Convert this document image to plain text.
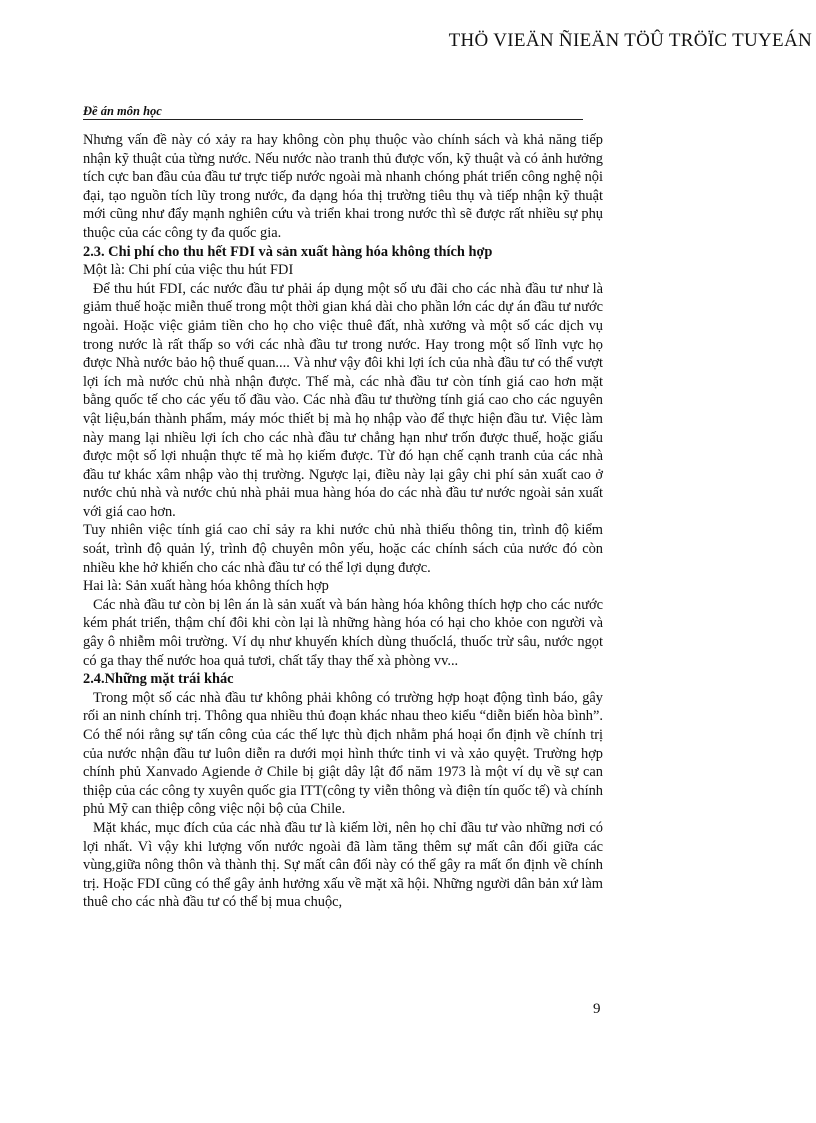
THÖ VIEÄN ÑIEÄN TÖÛ TRÖÏC TUYEÁN
Đề án môn học

Nhưng vấn đề này có xảy ra hay không còn phụ thuộc vào chính sách và khả năng tiếp nhận kỹ thuật của từng nước. Nếu nước nào tranh thủ được vốn, kỹ thuật và có ảnh hưởng tích cực ban đầu của đầu tư trực tiếp nước ngoài mà nhanh chóng phát triển công nghệ nội đại, tạo nguồn tích lũy trong nước, đa dạng hóa thị trường tiêu thụ và tiếp nhận kỹ thuật mới cũng như đẩy mạnh nghiên cứu và triển khai trong nước thì sẽ được rất nhiều sự phụ thuộc của các công ty đa quốc gia.

2.3. Chi phí cho thu hết FDI và sản xuất hàng hóa không thích hợp

Một là: Chi phí của việc thu hút FDI

Để thu hút FDI, các nước đầu tư phải áp dụng một số ưu đãi cho các nhà đầu tư như là giảm thuế hoặc miễn thuế trong một thời gian khá dài cho phần lớn các dự án đầu tư nước ngoài. Hoặc việc giảm tiền cho họ cho việc thuê đất, nhà xưởng và một số các dịch vụ trong nước là rất thấp so với các nhà đầu tư trong nước. Hay trong một số lĩnh vực họ được Nhà nước bảo hộ thuế quan.... Và như vậy đôi khi lợi ích của nhà đầu tư có thể vượt lợi ích mà nước chủ nhà nhận được. Thế mà, các nhà đầu tư còn tính giá cao hơn mặt bằng quốc tế cho các yếu tố đầu vào. Các nhà đầu tư thường tính giá cao cho các nguyên vật liệu,bán thành phẩm, máy móc thiết bị mà họ nhập vào để thực hiện đầu tư. Việc làm này mang lại nhiều lợi ích cho các nhà đầu tư chẳng hạn như trốn được thuế, hoặc giấu được một số lợi nhuận thực tế mà họ kiếm được. Từ đó hạn chế cạnh tranh của các nhà đầu tư khác xâm nhập vào thị trường. Ngược lại, điều này lại gây chi phí sản xuất cao ở nước chủ nhà và nước chủ nhà phải mua hàng hóa do các nhà đầu tư nước ngoài sản xuất với giá cao hơn.

Tuy nhiên việc tính giá cao chỉ sảy ra khi nước chủ nhà thiếu thông tin, trình độ kiểm soát, trình độ quản lý, trình độ chuyên môn yếu, hoặc các chính sách của nước đó còn nhiều khe hở khiến cho các nhà đầu tư có thể lợi dụng được.

Hai là: Sản xuất hàng hóa không thích hợp

Các nhà đầu tư còn bị lên án là sản xuất và bán hàng hóa không thích hợp cho các nước kém phát triển, thậm chí đôi khi còn lại là những hàng hóa có hại cho khỏe con người và gây ô nhiễm môi trường. Ví dụ như khuyến khích dùng thuốclá, thuốc trừ sâu, nước ngọt có ga thay thế nước hoa quả tươi, chất tẩy thay thế xà phòng vv...

2.4.Những mặt trái khác

Trong một số các nhà đầu tư không phải không có trường hợp hoạt động tình báo, gây rối an ninh chính trị. Thông qua nhiều thủ đoạn khác nhau theo kiểu “diễn biến hòa bình”. Có thể nói rằng sự tấn công của các thế lực thù địch nhằm phá hoại ổn định về chính trị của nước nhận đầu tư luôn diễn ra dưới mọi hình thức tinh vi và xảo quyệt. Trường hợp chính phủ Xanvado Agiende ở Chile bị giật dây lật đổ năm 1973 là một ví dụ về sự can thiệp của các công ty xuyên quốc gia ITT(công ty viễn thông và điện tín quốc tế) và chính phủ Mỹ can thiệp công việc nội bộ của Chile.

Mặt khác, mục đích của các nhà đầu tư là kiếm lời, nên họ chỉ đầu tư vào những nơi có lợi nhất. Vì vậy khi lượng vốn nước ngoài đã làm tăng thêm sự mất cân đối giữa các vùng,giữa nông thôn và thành thị. Sự mất cân đối này có thể gây ra mất ổn định về chính trị. Hoặc FDI cũng có thể gây ảnh hưởng xấu về mặt xã hội. Những người dân bản xứ làm thuê cho các nhà đầu tư có thể bị mua chuộc,

9
